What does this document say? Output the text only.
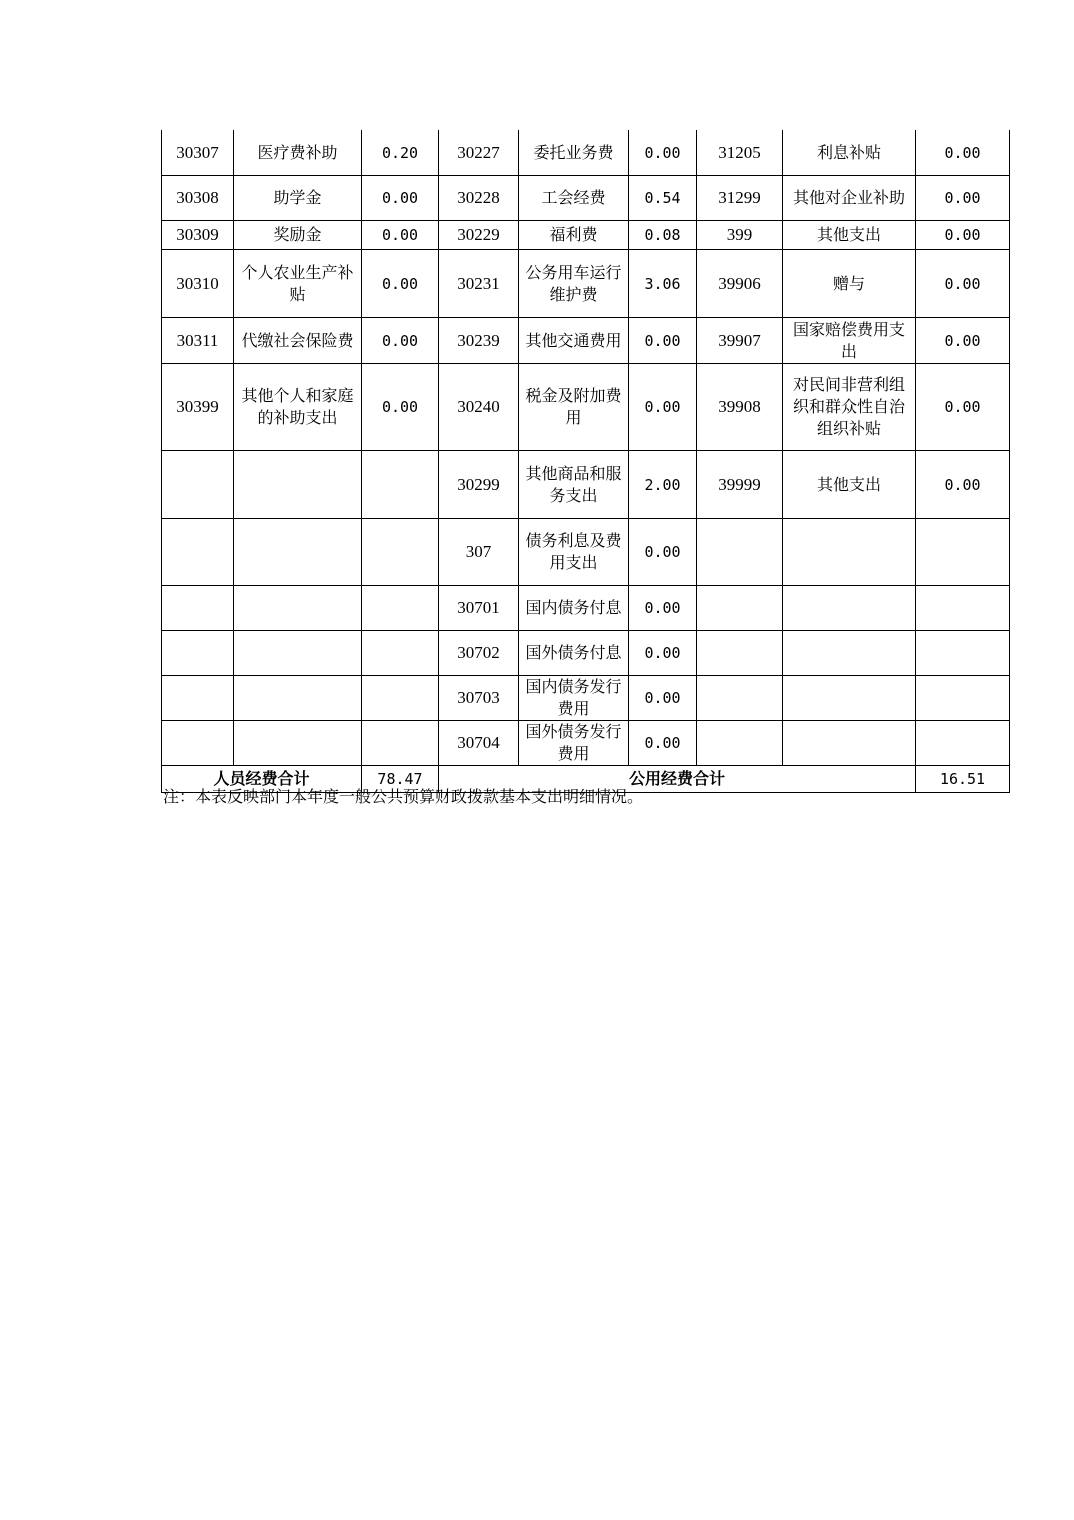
30307	医疗费补助	0.20	30227	委托业务费	0.00	31205	利息补贴	0.00
30308	助学金	0.00	30228	工会经费	0.54	31299	其他对企业补助	0.00
30309	奖励金	0.00	30229	福利费	0.08	399	其他支出	0.00
30310	个人农业生产补贴	0.00	30231	公务用车运行维护费	3.06	39906	赠与	0.00
30311	代缴社会保险费	0.00	30239	其他交通费用	0.00	39907	国家赔偿费用支出	0.00
30399	其他个人和家庭的补助支出	0.00	30240	税金及附加费用	0.00	39908	对民间非营利组织和群众性自治组织补贴	0.00
			30299	其他商品和服务支出	2.00	39999	其他支出	0.00
			307	债务利息及费用支出	0.00			
			30701	国内债务付息	0.00			
			30702	国外债务付息	0.00			
			30703	国内债务发行费用	0.00			
			30704	国外债务发行费用	0.00			
人员经费合计		78.47	公用经费合计					16.51
注：本表反映部门本年度一般公共预算财政拨款基本支出明细情况。
